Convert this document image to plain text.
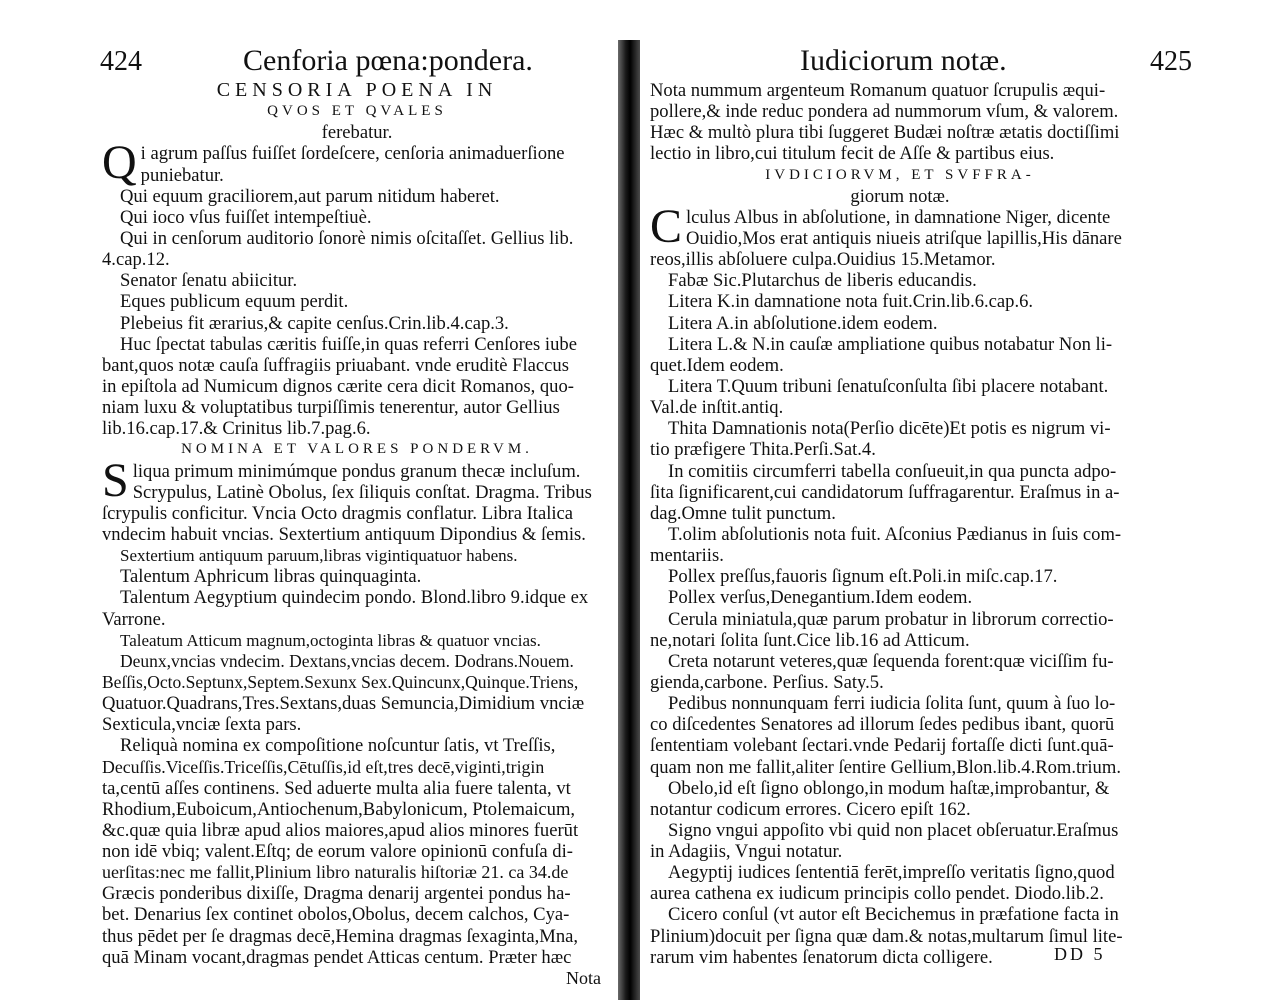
424	Cenforia pœna:pondera.
CENSORIA POENA IN
QVOS ET QVALES
ferebatur.
Qi agrum paſſus fuiſſet ſordeſcere, cenſoria animaduerſione
puniebatur.
Qui equum graciliorem,aut parum nitidum haberet.
Qui ioco vſus fuiſſet intempeſtiuè.
Qui in cenſorum auditorio ſonorè nimis oſcitaſſet. Gellius lib.
4.cap.12.
Senator ſenatu abiicitur.
Eques publicum equum perdit.
Plebeius fit ærarius,& capite cenſus.Crin.lib.4.cap.3.
Huc ſpectat tabulas cæritis fuiſſe,in quas referri Cenſores iube
bant,quos notæ cauſa ſuffragiis priuabant. vnde eruditè Flaccus
in epiſtola ad Numicum dignos cærite cera dicit Romanos, quo-
niam luxu & voluptatibus turpiſſimis tenerentur, autor Gellius
lib.16.cap.17.& Crinitus lib.7.pag.6.
NOMINA ET VALORES PONDERVM.
Sliqua primum minimúmque pondus granum thecæ incluſum.
Scrypulus, Latinè Obolus, ſex ſiliquis conſtat. Dragma. Tribus
ſcrypulis conficitur. Vncia Octo dragmis conflatur. Libra Italica
vndecim habuit vncias. Sextertium antiquum Dipondius & ſemis.
Sextertium antiquum paruum,libras vigintiquatuor habens.
Talentum Aphricum libras quinquaginta.
Talentum Aegyptium quindecim pondo. Blond.libro 9.idque ex
Varrone.
Taleatum Atticum magnum,octoginta libras & quatuor vncias.
Deunx,vncias vndecim. Dextans,vncias decem. Dodrans.Nouem.
Beſſis,Octo.Septunx,Septem.Sexunx Sex.Quincunx,Quinque.Triens,
Quatuor.Quadrans,Tres.Sextans,duas Semuncia,Dimidium vnciæ
Sexticula,vnciæ ſexta pars.
Reliquà nomina ex compoſitione noſcuntur ſatis, vt Treſſis,
Decuſſis.Viceſſis.Triceſſis,Cētuſſis,id eſt,tres decē,viginti,trigin
ta,centū aſſes continens. Sed aduerte multa alia fuere talenta, vt
Rhodium,Euboicum,Antiochenum,Babylonicum, Ptolemaicum,
&c.quæ quia libræ apud alios maiores,apud alios minores fuerūt
non idē vbiq; valent.Eſtq; de eorum valore opinionū confuſa di-
uerſitas:nec me fallit,Plinium libro naturalis hiſtoriæ 21. ca 34.de
Græcis ponderibus dixiſſe, Dragma denarij argentei pondus ha-
bet. Denarius ſex continet obolos,Obolus, decem calchos, Cya-
thus pēdet per ſe dragmas decē,Hemina dragmas ſexaginta,Mna,
quā Minam vocant,dragmas pendet Atticas centum. Præter hæc
Nota
Iudiciorum notæ.	425
Nota nummum argenteum Romanum quatuor ſcrupulis æqui-
pollere,& inde reduc pondera ad nummorum vſum, & valorem.
Hæc & multò plura tibi ſuggeret Budæi noſtræ ætatis doctiſſimi
lectio in libro,cui titulum fecit de Aſſe & partibus eius.
IVDICIORVM, ET SVFFRA-
giorum notæ.
Clculus Albus in abſolutione, in damnatione Niger, dicente
Ouidio,Mos erat antiquis niueis atriſque lapillis,His dānare
reos,illis abſoluere culpa.Ouidius 15.Metamor.
Fabæ Sic.Plutarchus de liberis educandis.
Litera K.in damnatione nota fuit.Crin.lib.6.cap.6.
Litera A.in abſolutione.idem eodem.
Litera L.& N.in cauſæ ampliatione quibus notabatur Non li-
quet.Idem eodem.
Litera T.Quum tribuni ſenatuſconſulta ſibi placere notabant.
Val.de inſtit.antiq.
Thita Damnationis nota(Perſio dicēte)Et potis es nigrum vi-
tio præfigere Thita.Perſi.Sat.4.
In comitiis circumferri tabella conſueuit,in qua puncta adpo-
ſita ſignificarent,cui candidatorum ſuffragarentur. Eraſmus in a-
dag.Omne tulit punctum.
T.olim abſolutionis nota fuit. Aſconius Pædianus in ſuis com-
mentariis.
Pollex preſſus,fauoris ſignum eſt.Poli.in miſc.cap.17.
Pollex verſus,Denegantium.Idem eodem.
Cerula miniatula,quæ parum probatur in librorum correctio-
ne,notari ſolita ſunt.Cice lib.16 ad Atticum.
Creta notarunt veteres,quæ ſequenda forent:quæ viciſſim fu-
gienda,carbone. Perſius. Saty.5.
Pedibus nonnunquam ferri iudicia ſolita ſunt, quum à ſuo lo-
co diſcedentes Senatores ad illorum ſedes pedibus ibant, quorū
ſententiam volebant ſectari.vnde Pedarij fortaſſe dicti ſunt.quā-
quam non me fallit,aliter ſentire Gellium,Blon.lib.4.Rom.trium.
Obelo,id eſt ſigno oblongo,in modum haſtæ,improbantur, &
notantur codicum errores. Cicero epiſt 162.
Signo vngui appoſito vbi quid non placet obſeruatur.Eraſmus
in Adagiis, Vngui notatur.
Aegyptij iudices ſententiā ferēt,impreſſo veritatis ſigno,quod
aurea cathena ex iudicum principis collo pendet. Diodo.lib.2.
Cicero conſul (vt autor eſt Becichemus in præfatione facta in
Plinium)docuit per ſigna quæ dam.& notas,multarum ſimul lite-
rarum vim habentes ſenatorum dicta colligere.	DD 5
